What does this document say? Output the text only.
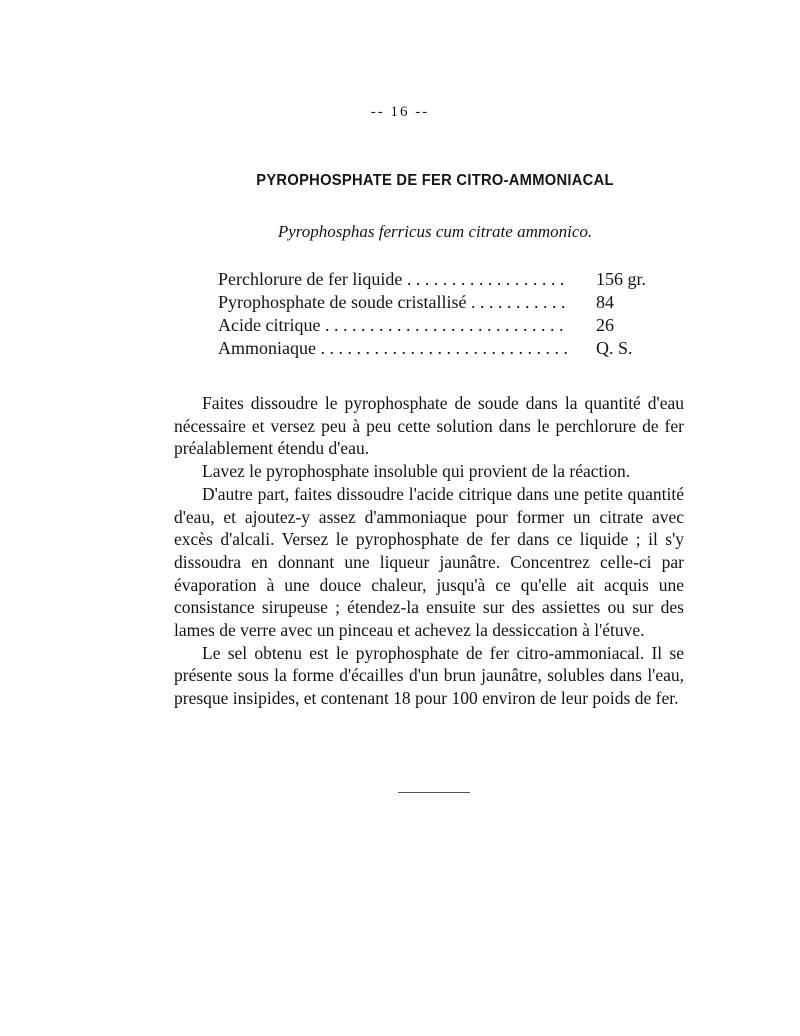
-- 16 --
PYROPHOSPHATE DE FER CITRO-AMMONIACAL
Pyrophosphas ferricus cum citrate ammonico.
Perchlorure de fer liquide . . .	156 gr.
Pyrophosphate de soude cristallisé . . .	84
Acide citrique . . .	26
Ammoniaque . . .	Q. S.

Faites dissoudre le pyrophosphate de soude dans la quantité d'eau nécessaire et versez peu à peu cette solution dans le perchlorure de fer préalablement étendu d'eau.

Lavez le pyrophosphate insoluble qui provient de la réaction.

D'autre part, faites dissoudre l'acide citrique dans une petite quantité d'eau, et ajoutez-y assez d'ammoniaque pour former un citrate avec excès d'alcali. Versez le pyrophosphate de fer dans ce liquide ; il s'y dissoudra en donnant une liqueur jaunâtre. Concentrez celle-ci par évaporation à une douce chaleur, jusqu'à ce qu'elle ait acquis une consistance sirupeuse ; étendez-la ensuite sur des assiettes ou sur des lames de verre avec un pinceau et achevez la dessiccation à l'étuve.

Le sel obtenu est le pyrophosphate de fer citro-ammoniacal. Il se présente sous la forme d'écailles d'un brun jaunâtre, solubles dans l'eau, presque insipides, et contenant 18 pour 100 environ de leur poids de fer.
